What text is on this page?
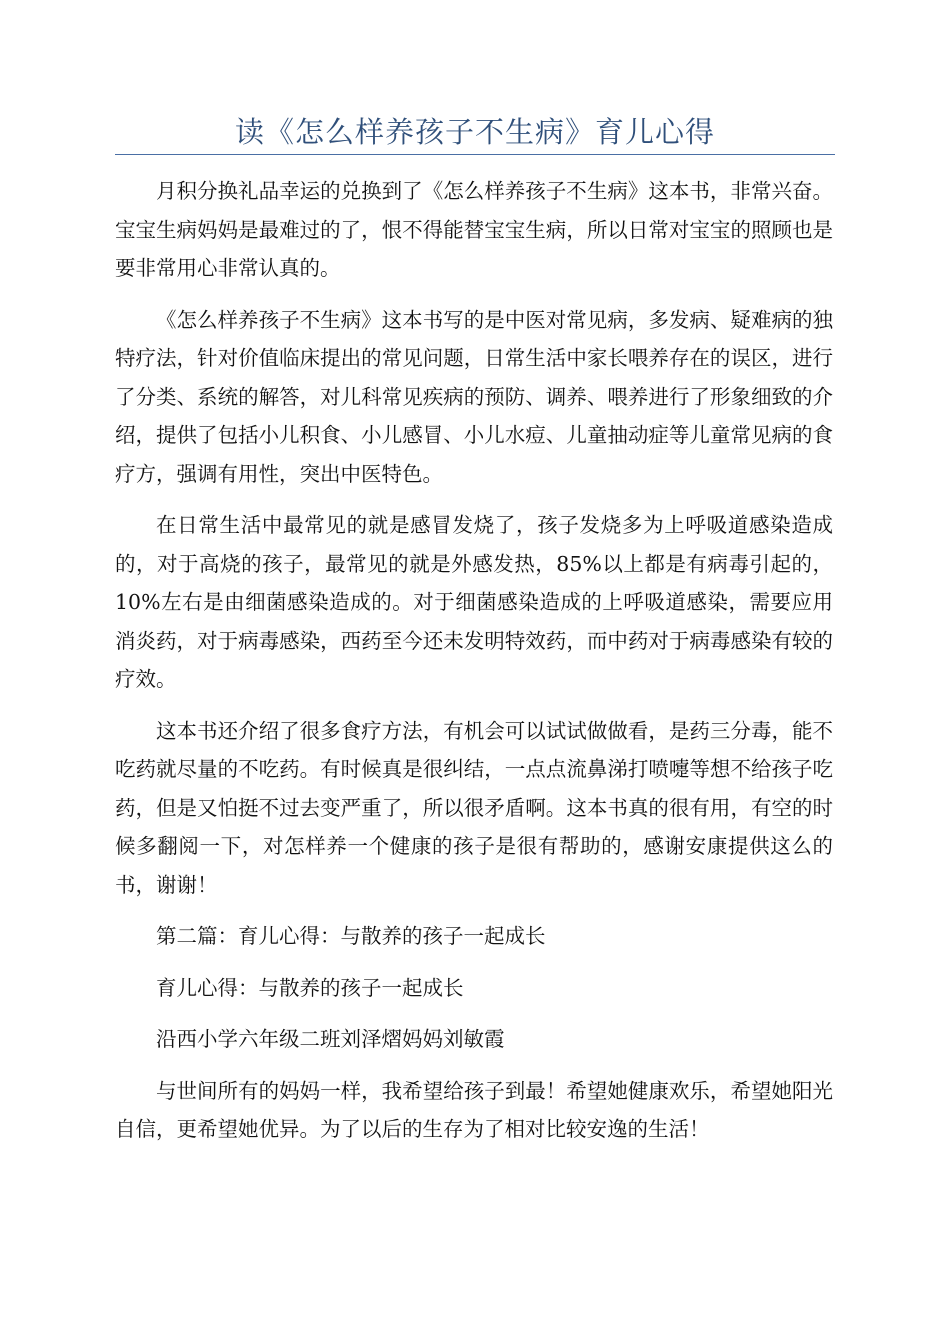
读《怎么样养孩子不生病》育儿心得

月积分换礼品幸运的兑换到了《怎么样养孩子不生病》这本书，非常兴奋。宝宝生病妈妈是最难过的了，恨不得能替宝宝生病，所以日常对宝宝的照顾也是要非常用心非常认真的。

《怎么样养孩子不生病》这本书写的是中医对常见病，多发病、疑难病的独特疗法，针对价值临床提出的常见问题，日常生活中家长喂养存在的误区，进行了分类、系统的解答，对儿科常见疾病的预防、调养、喂养进行了形象细致的介绍，提供了包括小儿积食、小儿感冒、小儿水痘、儿童抽动症等儿童常见病的食疗方，强调有用性，突出中医特色。

在日常生活中最常见的就是感冒发烧了，孩子发烧多为上呼吸道感染造成的，对于高烧的孩子，最常见的就是外感发热，85%以上都是有病毒引起的，10%左右是由细菌感染造成的。对于细菌感染造成的上呼吸道感染，需要应用消炎药，对于病毒感染，西药至今还未发明特效药，而中药对于病毒感染有较的疗效。

这本书还介绍了很多食疗方法，有机会可以试试做做看，是药三分毒，能不吃药就尽量的不吃药。有时候真是很纠结，一点点流鼻涕打喷嚏等想不给孩子吃药，但是又怕挺不过去变严重了，所以很矛盾啊。这本书真的很有用，有空的时候多翻阅一下，对怎样养一个健康的孩子是很有帮助的，感谢安康提供这么的书，谢谢！

第二篇：育儿心得：与散养的孩子一起成长

育儿心得：与散养的孩子一起成长

沿西小学六年级二班刘泽熠妈妈刘敏霞

与世间所有的妈妈一样，我希望给孩子到最！希望她健康欢乐，希望她阳光自信，更希望她优异。为了以后的生存为了相对比较安逸的生活！
